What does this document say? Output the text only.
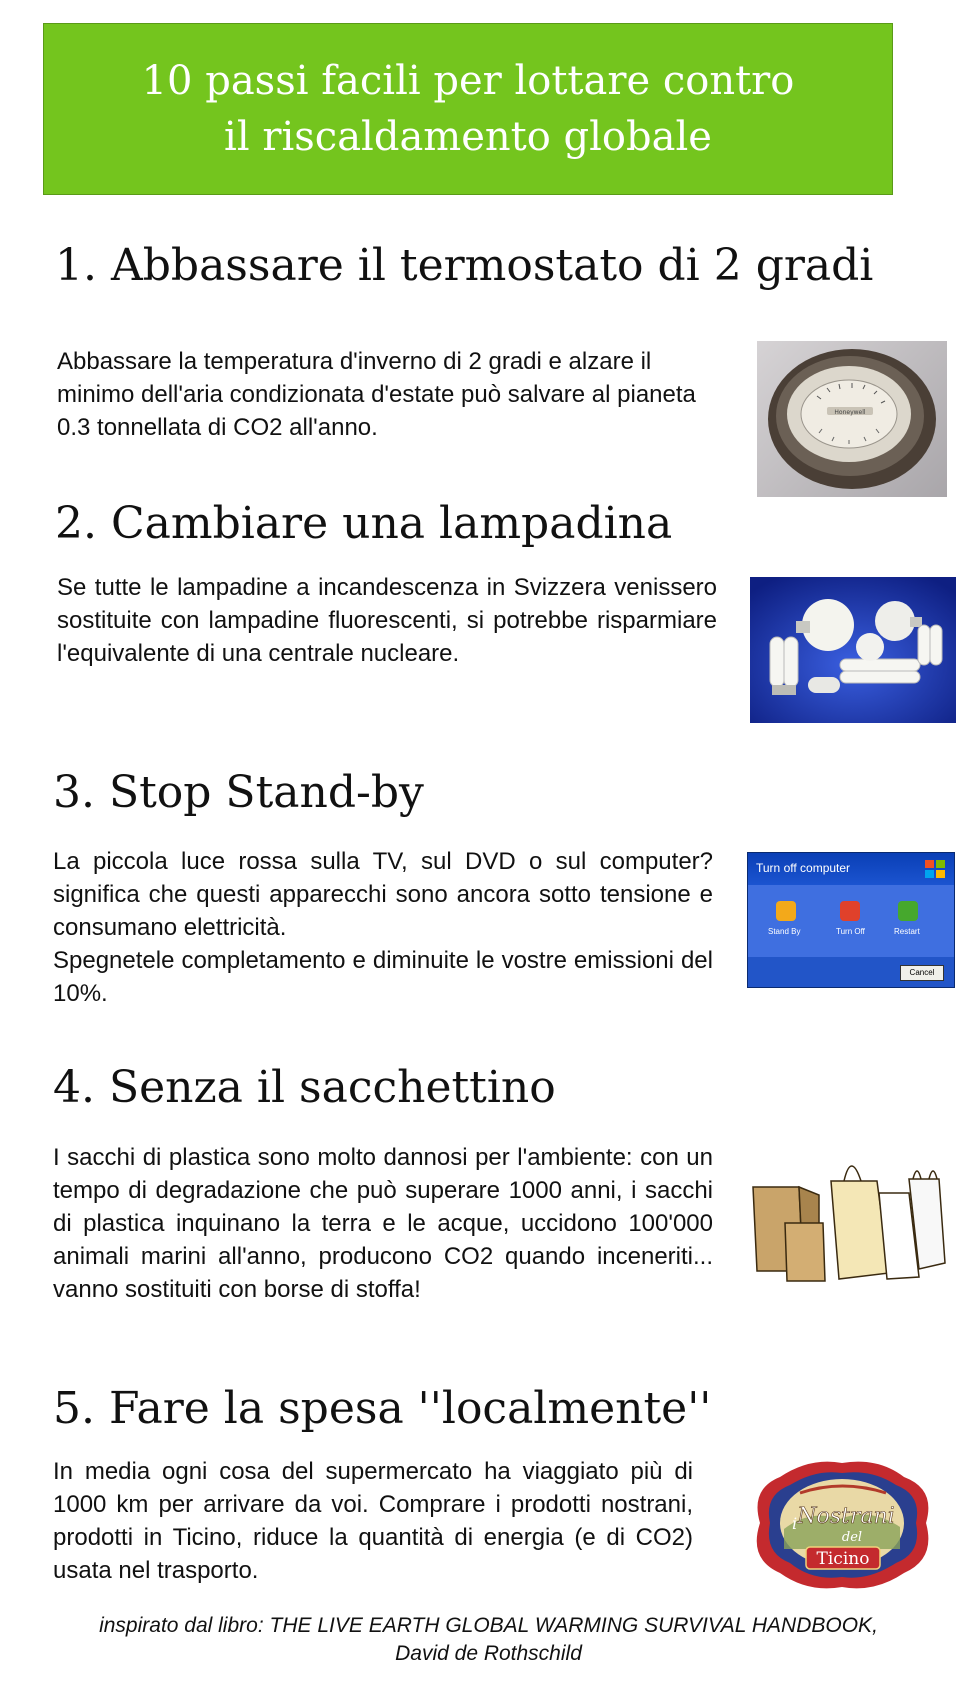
10 passi facili per lottare contro
il riscaldamento globale
1. Abbassare il termostato di 2 gradi

Abbassare la temperatura d'inverno di 2 gradi e alzare il minimo dell'aria condizionata d'estate può salvare al pianeta 0.3 tonnellata di CO2 all'anno.

Honeywell
2. Cambiare una lampadina

Se tutte le lampadine a incandescenza in Svizzera venissero sostituite con lampadine fluorescenti, si potrebbe risparmiare l'equivalente di una centrale nucleare.

3. Stop Stand-by

La piccola luce rossa sulla TV, sul DVD o sul computer? significa che questi apparecchi sono ancora sotto tensione e consumano elettricità.

Spegnetele completamento e diminuite le vostre emissioni del 10%.

Turn off computer
Stand By	Turn Off	Restart
Cancel
4. Senza il sacchettino

I sacchi di plastica sono molto dannosi per l'ambiente: con un tempo di degradazione che può superare 1000 anni, i sacchi di plastica inquinano la terra e le acque, uccidono 100'000 animali marini all'anno, producono CO2 quando inceneriti... vanno sostituiti con borse di stoffa!

5. Fare la spesa ''localmente''

In media ogni cosa del supermercato ha viaggiato più di 1000 km per arrivare da voi. Comprare i prodotti nostrani, prodotti in Ticino, riduce la quantità di energia (e di CO2) usata nel trasporto.

i Nostrani
del
Ticino
inspirato dal libro: THE LIVE EARTH GLOBAL WARMING SURVIVAL HANDBOOK,
David de Rothschild
